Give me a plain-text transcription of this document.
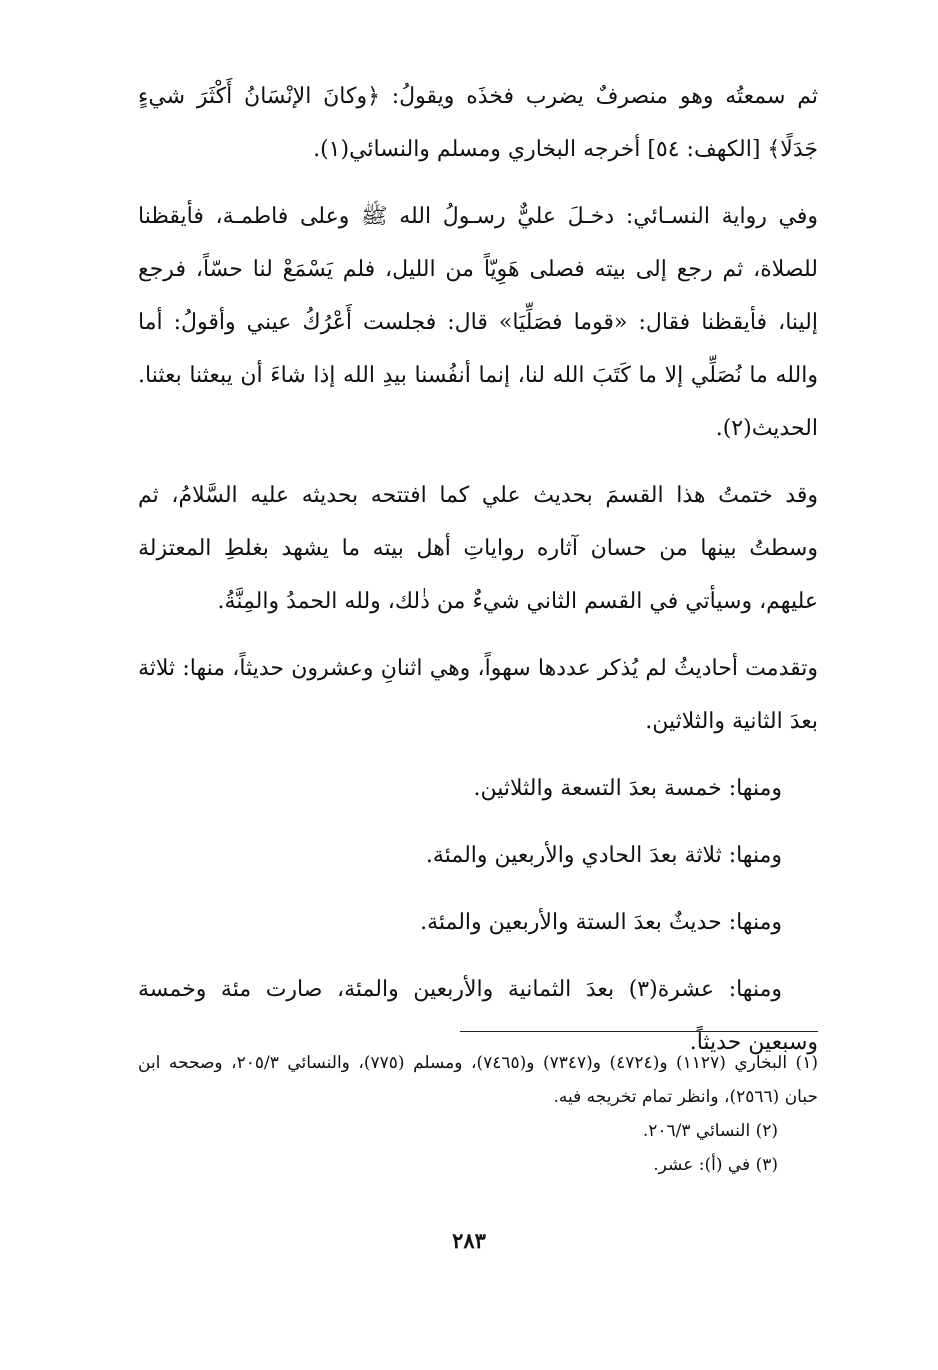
ثم سمعتُه وهو منصرفٌ يضرب فخذَه ويقولُ: ﴿وكانَ الإنْسَانُ أَكْثَرَ شيءٍ جَدَلًا﴾ [الكهف: ٥٤] أخرجه البخاري ومسلم والنسائي(١).

وفي رواية النسـائي: دخـلَ عليٌّ رسـولُ الله ﷺ وعلى فاطمـة، فأيقظنا للصلاة، ثم رجع إلى بيته فصلى هَوِيّاً من الليل، فلم يَسْمَعْ لنا حسّاً، فرجع إلينا، فأيقظنا فقال: «قوما فصَلِّيَا» قال: فجلست أَعْرُكُ عيني وأقولُ: أما والله ما نُصَلِّي إلا ما كَتَبَ الله لنا، إنما أنفُسنا بيدِ الله إذا شاءَ أن يبعثنا بعثنا. الحديث(٢).

وقد ختمتُ هذا القسمَ بحديث علي كما افتتحه بحديثه عليه السَّلامُ، ثم وسطتُ بينها من حسان آثاره رواياتِ أهل بيته ما يشهد بغلطِ المعتزلة عليهم، وسيأتي في القسم الثاني شيءٌ من ذٰلك، ولله الحمدُ والمِنَّةُ.

وتقدمت أحاديثُ لم يُذكر عددها سهواً، وهي اثنانِ وعشرون حديثاً، منها: ثلاثة بعدَ الثانية والثلاثين.

ومنها: خمسة بعدَ التسعة والثلاثين.

ومنها: ثلاثة بعدَ الحادي والأربعين والمئة.

ومنها: حديثٌ بعدَ الستة والأربعين والمئة.

ومنها: عشرة(٣) بعدَ الثمانية والأربعين والمئة، صارت مئة وخمسة وسبعين حديثاً.

(١) البخاري (١١٢٧) و(٤٧٢٤) و(٧٣٤٧) و(٧٤٦٥)، ومسلم (٧٧٥)، والنسائي ٢٠٥/٣، وصححه ابن حبان (٢٥٦٦)، وانظر تمام تخريجه فيه.

(٢) النسائي ٢٠٦/٣.

(٣) في (أ): عشر.

٢٨٣
